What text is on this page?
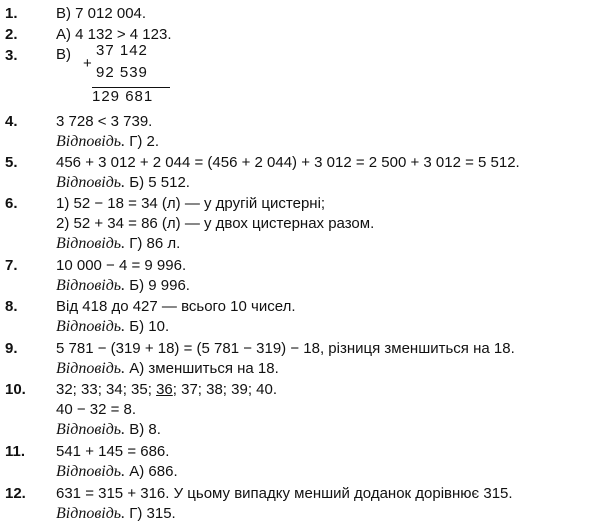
1.	В) 7 012 004.
2.	А) 4 132 > 4 123.
3.	В)
+
37 142
92 539
129 681
4.	3 728 < 3 739.
Відповідь. Г) 2.
5.	456 + 3 012 + 2 044 = (456 + 2 044) + 3 012 = 2 500 + 3 012 = 5 512.
Відповідь. Б) 5 512.
6.	1) 52 − 18 = 34 (л) — у другій цистерні;
2) 52 + 34 = 86 (л) — у двох цистернах разом.
Відповідь. Г) 86 л.
7.	10 000 − 4 = 9 996.
Відповідь. Б) 9 996.
8.	Від 418 до 427 — всього 10 чисел.
Відповідь. Б) 10.
9.	5 781 − (319 + 18) = (5 781 − 319) − 18, різниця зменшиться на 18.
Відповідь. А) зменшиться на 18.
10.	32; 33; 34; 35; 36; 37; 38; 39; 40.
40 − 32 = 8.
Відповідь. В) 8.
11.	541 + 145 = 686.
Відповідь. А) 686.
12.	631 = 315 + 316. У цьому випадку менший доданок дорівнює 315.
Відповідь. Г) 315.
